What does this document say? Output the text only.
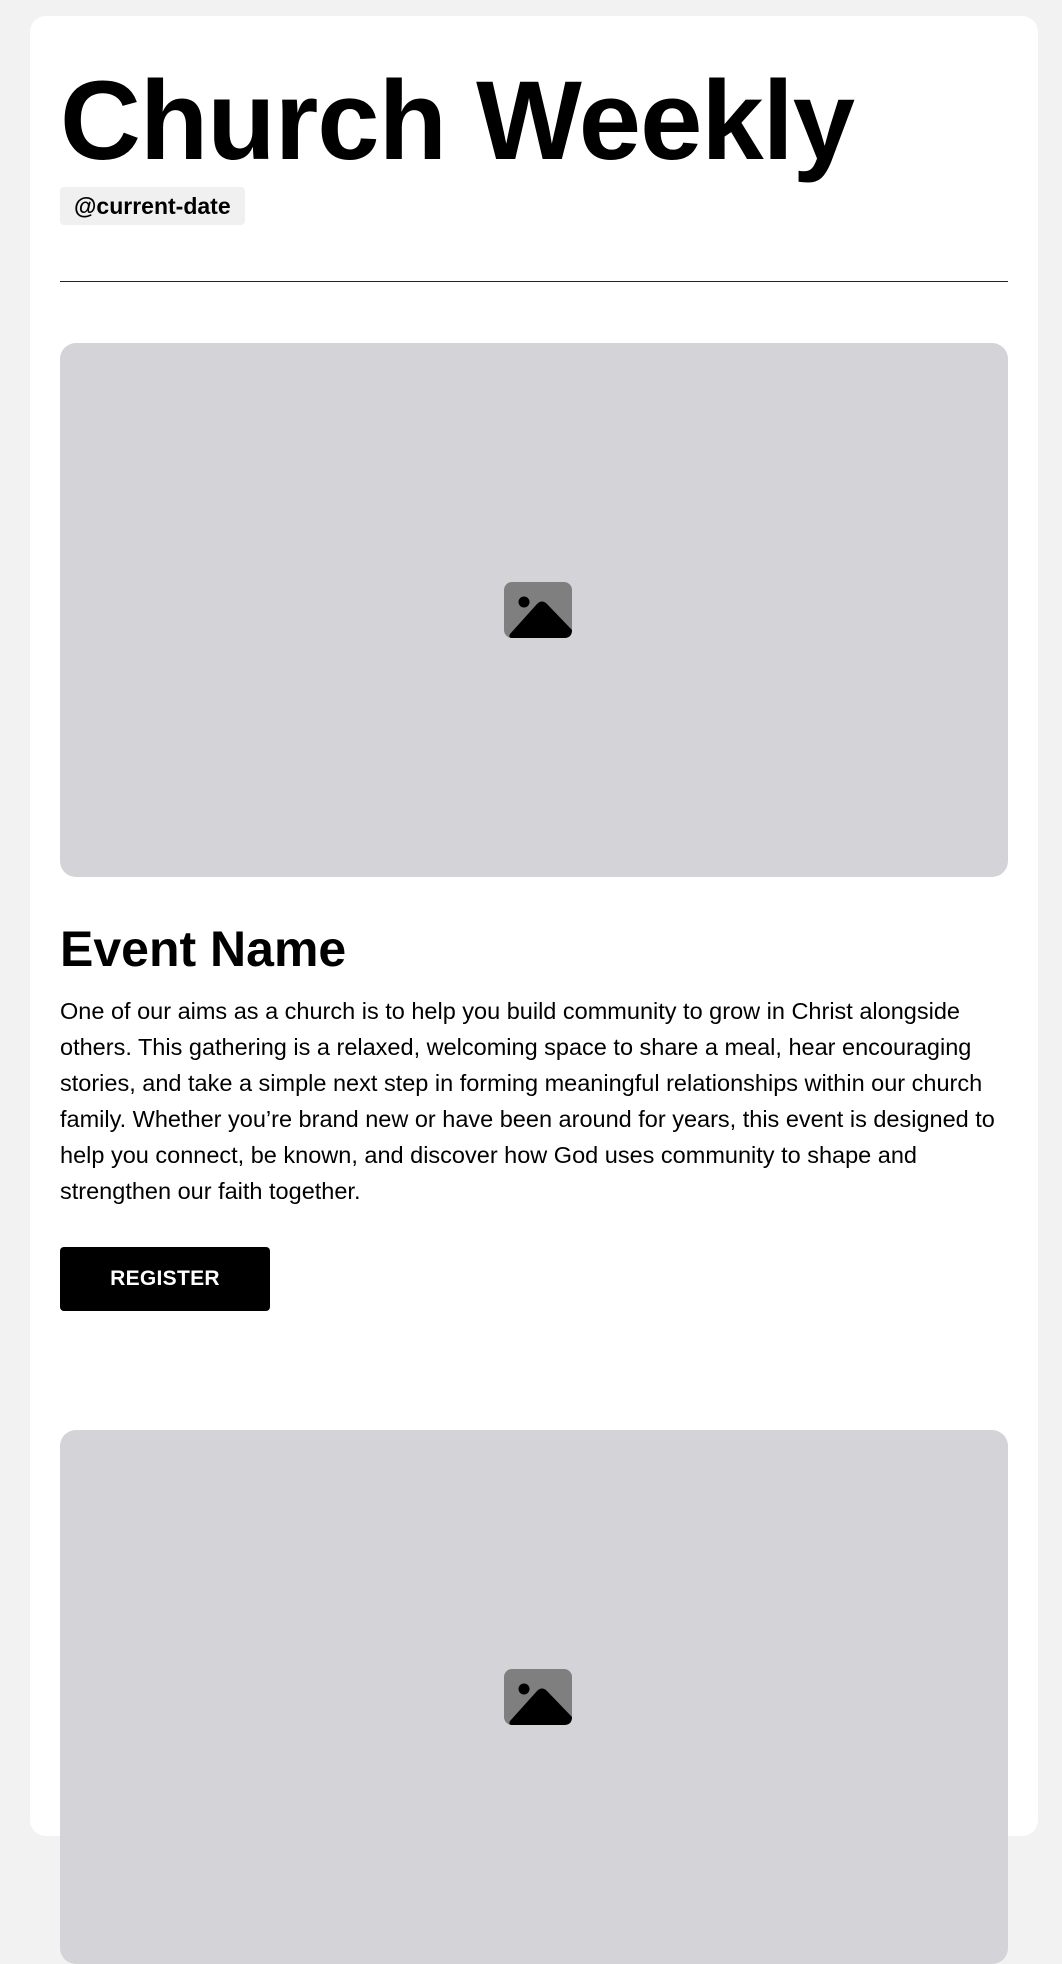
Church Weekly
@current-date
Event Name

One of our aims as a church is to help you build community to grow in Christ alongside others. This gathering is a relaxed, welcoming space to share a meal, hear encouraging stories, and take a simple next step in forming meaningful relationships within our church family. Whether you’re brand new or have been around for years, this event is designed to help you connect, be known, and discover how God uses community to shape and strengthen our faith together.

REGISTER
